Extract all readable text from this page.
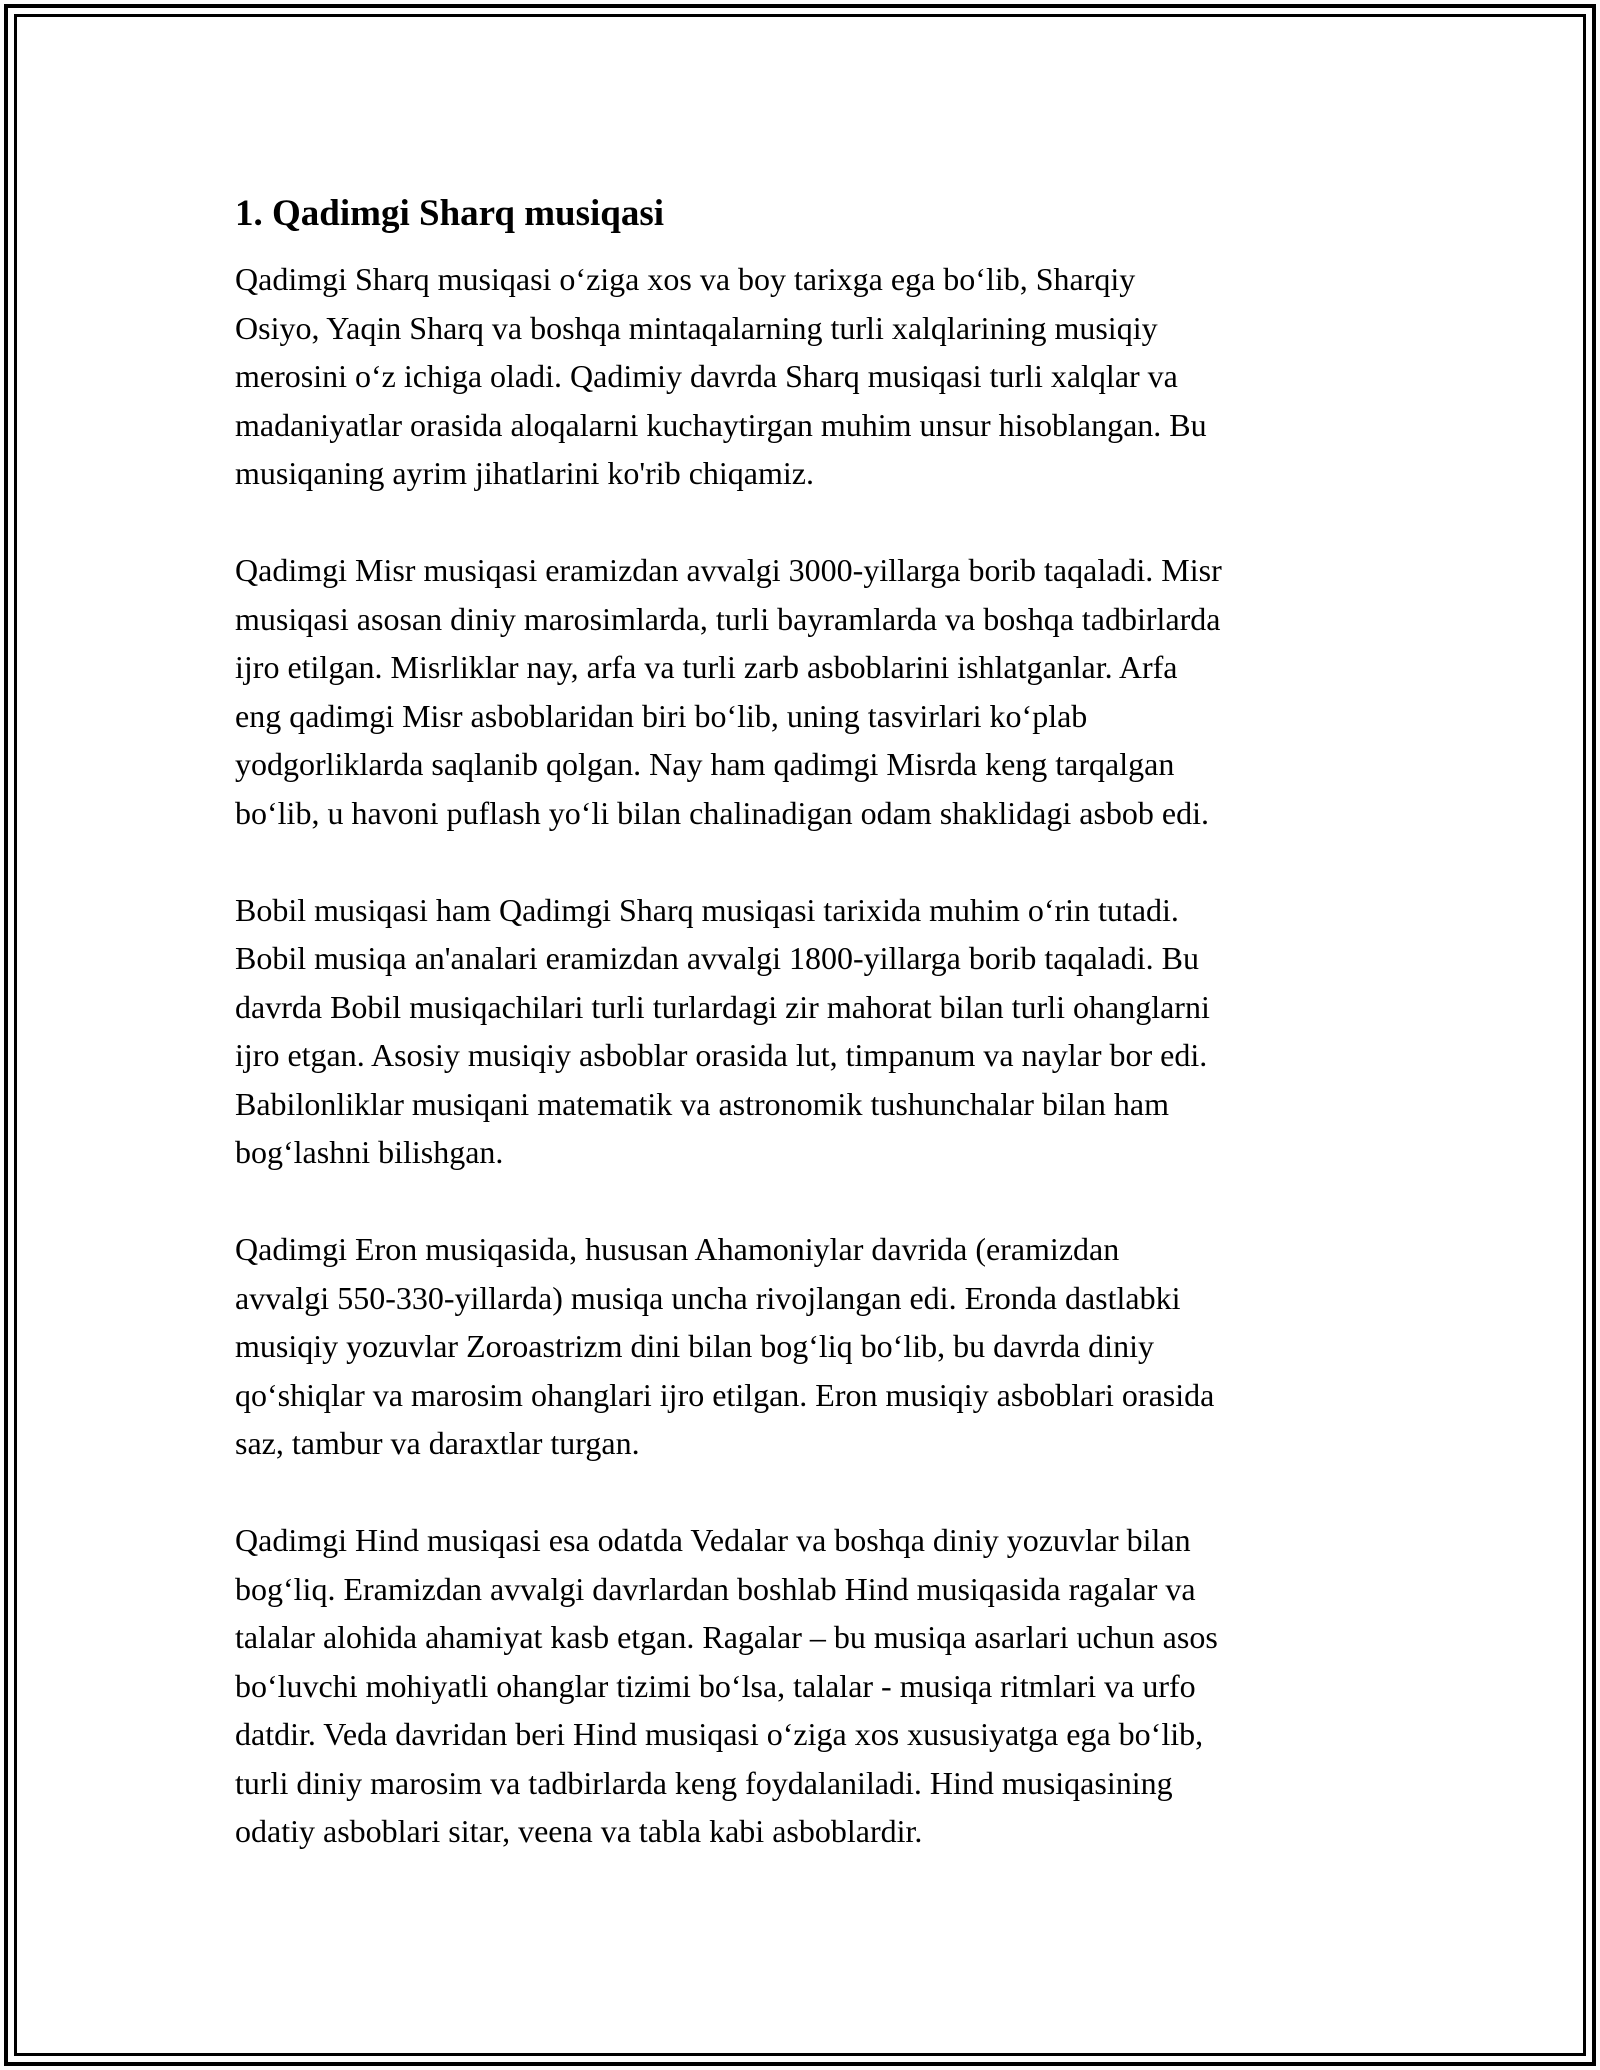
1. Qadimgi Sharq musiqasi

Qadimgi Sharq musiqasi o‘ziga xos va boy tarixga ega bo‘lib, Sharqiy
Osiyo, Yaqin Sharq va boshqa mintaqalarning turli xalqlarining musiqiy
merosini o‘z ichiga oladi. Qadimiy davrda Sharq musiqasi turli xalqlar va
madaniyatlar orasida aloqalarni kuchaytirgan muhim unsur hisoblangan. Bu
musiqaning ayrim jihatlarini ko'rib chiqamiz.

Qadimgi Misr musiqasi eramizdan avvalgi 3000-yillarga borib taqaladi. Misr
musiqasi asosan diniy marosimlarda, turli bayramlarda va boshqa tadbirlarda
ijro etilgan. Misrliklar nay, arfa va turli zarb asboblarini ishlatganlar. Arfa
eng qadimgi Misr asboblaridan biri bo‘lib, uning tasvirlari ko‘plab
yodgorliklarda saqlanib qolgan. Nay ham qadimgi Misrda keng tarqalgan
bo‘lib, u havoni puflash yo‘li bilan chalinadigan odam shaklidagi asbob edi.

Bobil musiqasi ham Qadimgi Sharq musiqasi tarixida muhim o‘rin tutadi.
Bobil musiqa an'analari eramizdan avvalgi 1800-yillarga borib taqaladi. Bu
davrda Bobil musiqachilari turli turlardagi zir mahorat bilan turli ohanglarni
ijro etgan. Asosiy musiqiy asboblar orasida lut, timpanum va naylar bor edi.
Babilonliklar musiqani matematik va astronomik tushunchalar bilan ham
bog‘lashni bilishgan.

Qadimgi Eron musiqasida, hususan Ahamoniylar davrida (eramizdan
avvalgi 550-330-yillarda) musiqa uncha rivojlangan edi. Eronda dastlabki
musiqiy yozuvlar Zoroastrizm dini bilan bog‘liq bo‘lib, bu davrda diniy
qo‘shiqlar va marosim ohanglari ijro etilgan. Eron musiqiy asboblari orasida
saz, tambur va daraxtlar turgan.

Qadimgi Hind musiqasi esa odatda Vedalar va boshqa diniy yozuvlar bilan
bog‘liq. Eramizdan avvalgi davrlardan boshlab Hind musiqasida ragalar va
talalar alohida ahamiyat kasb etgan. Ragalar – bu musiqa asarlari uchun asos
bo‘luvchi mohiyatli ohanglar tizimi bo‘lsa, talalar - musiqa ritmlari va urfo
datdir. Veda davridan beri Hind musiqasi o‘ziga xos xususiyatga ega bo‘lib,
turli diniy marosim va tadbirlarda keng foydalaniladi. Hind musiqasining
odatiy asboblari sitar, veena va tabla kabi asboblardir.
